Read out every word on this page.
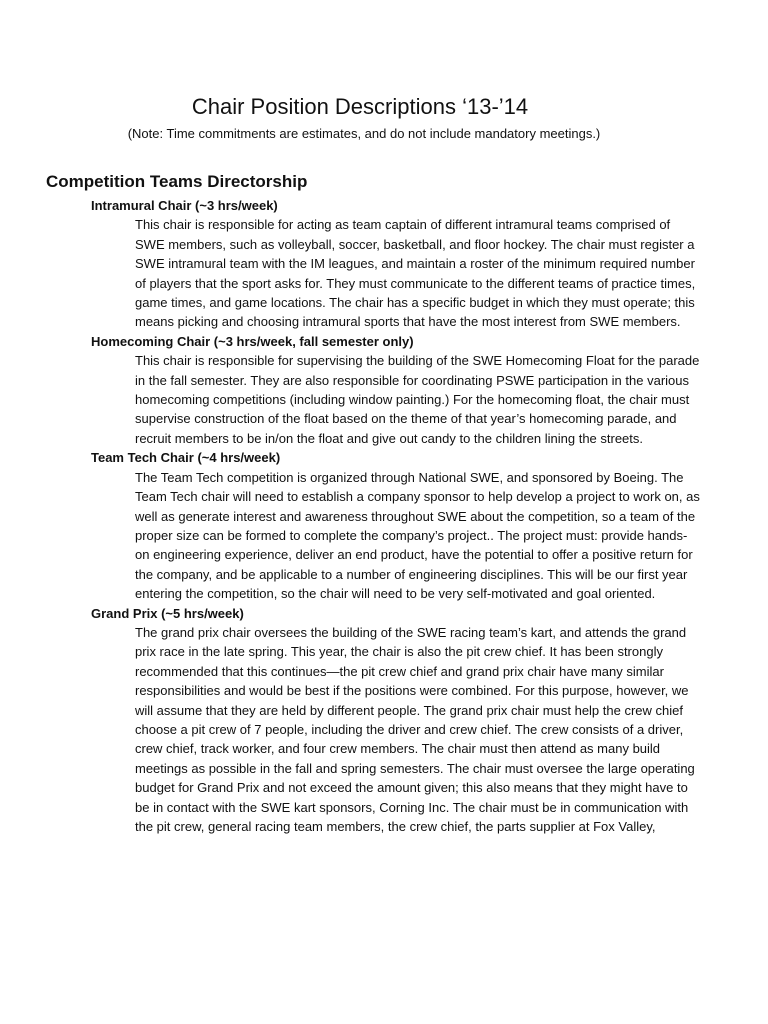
Chair Position Descriptions ‘13-’14

(Note: Time commitments are estimates, and do not include mandatory meetings.)

Competition Teams Directorship

Intramural Chair (~3 hrs/week)

This chair is responsible for acting as team captain of different intramural teams comprised of SWE members, such as volleyball, soccer, basketball, and floor hockey. The chair must register a SWE intramural team with the IM leagues, and maintain a roster of the minimum required number of players that the sport asks for. They must communicate to the different teams of practice times, game times, and game locations. The chair has a specific budget in which they must operate; this means picking and choosing intramural sports that have the most interest from SWE members.

Homecoming Chair (~3 hrs/week, fall semester only)

This chair is responsible for supervising the building of the SWE Homecoming Float for the parade in the fall semester. They are also responsible for coordinating PSWE participation in the various homecoming competitions (including window painting.) For the homecoming float, the chair must supervise construction of the float based on the theme of that year’s homecoming parade, and recruit members to be in/on the float and give out candy to the children lining the streets.

Team Tech Chair (~4 hrs/week)

The Team Tech competition is organized through National SWE, and sponsored by Boeing. The Team Tech chair will need to establish a company sponsor to help develop a project to work on, as well as generate interest and awareness throughout SWE about the competition, so a team of the proper size can be formed to complete the company’s project.. The project must: provide hands-on engineering experience, deliver an end product, have the potential to offer a positive return for the company, and be applicable to a number of engineering disciplines. This will be our first year entering the competition, so the chair will need to be very self-motivated and goal oriented.

Grand Prix (~5 hrs/week)

The grand prix chair oversees the building of the SWE racing team’s kart, and attends the grand prix race in the late spring. This year, the chair is also the pit crew chief. It has been strongly recommended that this continues—the pit crew chief and grand prix chair have many similar responsibilities and would be best if the positions were combined. For this purpose, however, we will assume that they are held by different people. The grand prix chair must help the crew chief choose a pit crew of 7 people, including the driver and crew chief. The crew consists of a driver, crew chief, track worker, and four crew members. The chair must then attend as many build meetings as possible in the fall and spring semesters. The chair must oversee the large operating budget for Grand Prix and not exceed the amount given; this also means that they might have to be in contact with the SWE kart sponsors, Corning Inc. The chair must be in communication with the pit crew, general racing team members, the crew chief, the parts supplier at Fox Valley,
